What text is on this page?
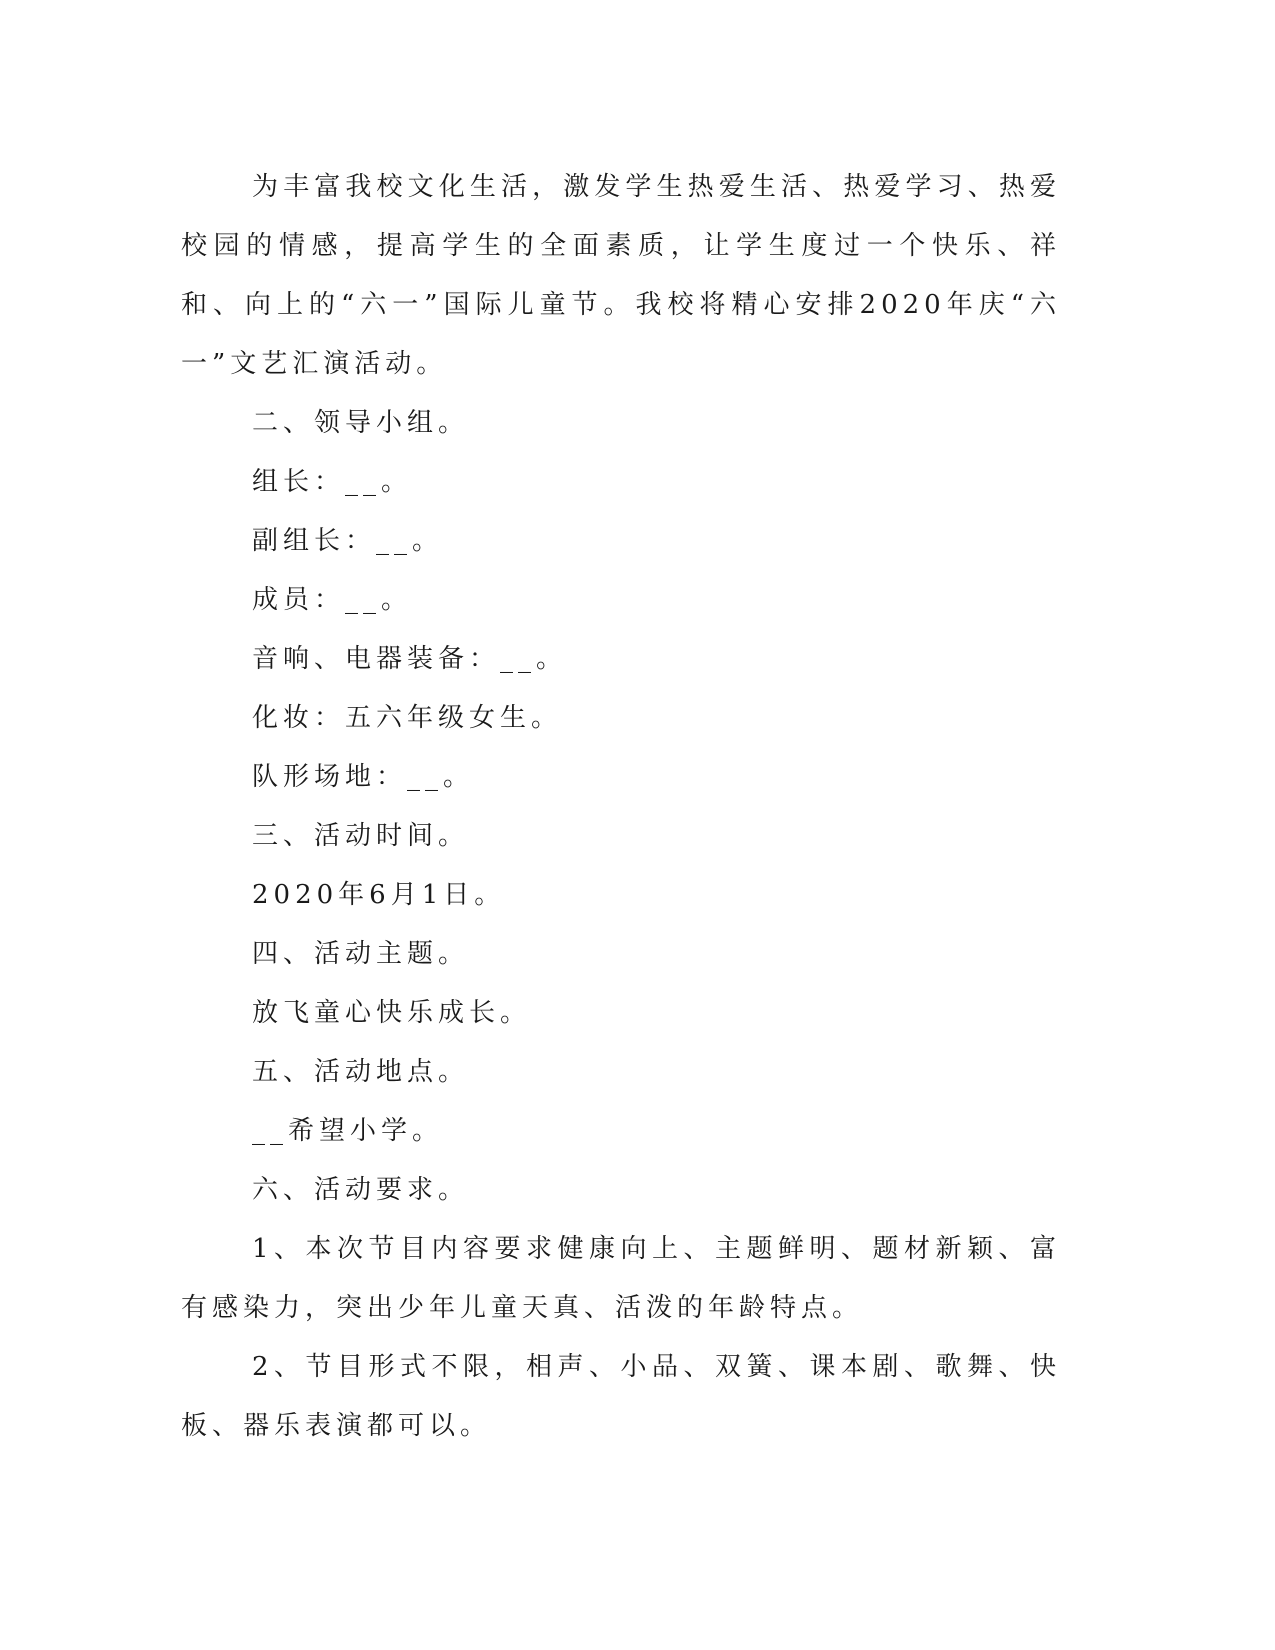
为丰富我校文化生活，激发学生热爱生活、热爱学习、热爱校园的情感，提高学生的全面素质，让学生度过一个快乐、祥和、向上的“六一”国际儿童节。我校将精心安排2020年庆“六一”文艺汇演活动。

二、领导小组。

组长：__。

副组长：__。

成员：__。

音响、电器装备：__。

化妆：五六年级女生。

队形场地：__。

三、活动时间。

2020年6月1日。

四、活动主题。

放飞童心快乐成长。

五、活动地点。

__希望小学。

六、活动要求。

1、本次节目内容要求健康向上、主题鲜明、题材新颖、富有感染力，突出少年儿童天真、活泼的年龄特点。

2、节目形式不限，相声、小品、双簧、课本剧、歌舞、快板、器乐表演都可以。
